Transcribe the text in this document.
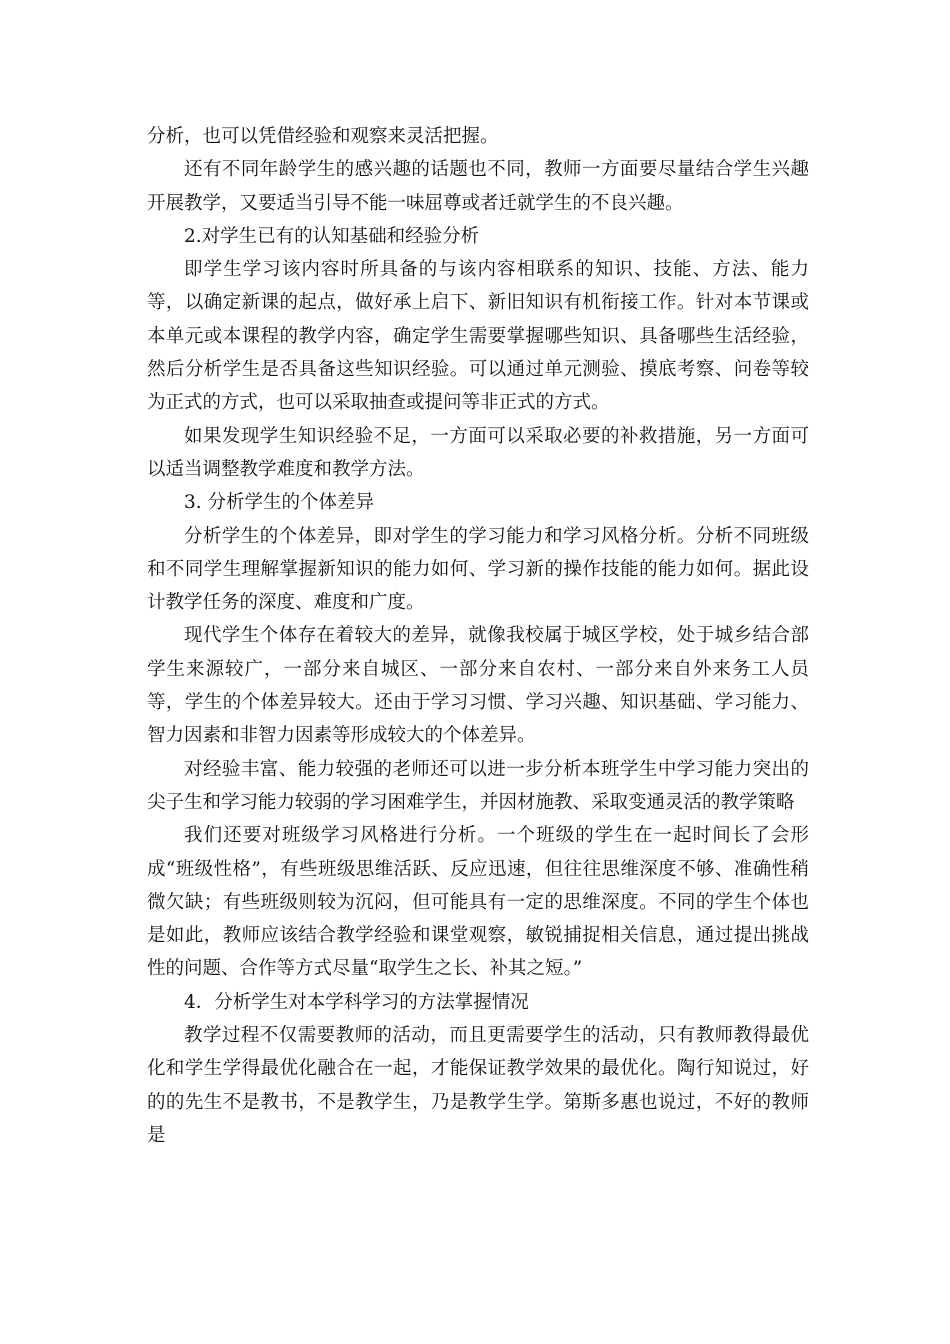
分析，也可以凭借经验和观察来灵活把握。

还有不同年龄学生的感兴趣的话题也不同，教师一方面要尽量结合学生兴趣开展教学，又要适当引导不能一味屈尊或者迁就学生的不良兴趣。

2.对学生已有的认知基础和经验分析

即学生学习该内容时所具备的与该内容相联系的知识、技能、方法、能力等，以确定新课的起点，做好承上启下、新旧知识有机衔接工作。针对本节课或本单元或本课程的教学内容，确定学生需要掌握哪些知识、具备哪些生活经验，然后分析学生是否具备这些知识经验。可以通过单元测验、摸底考察、问卷等较为正式的方式，也可以采取抽查或提问等非正式的方式。

如果发现学生知识经验不足，一方面可以采取必要的补救措施，另一方面可以适当调整教学难度和教学方法。

3. 分析学生的个体差异

分析学生的个体差异，即对学生的学习能力和学习风格分析。分析不同班级和不同学生理解掌握新知识的能力如何、学习新的操作技能的能力如何。据此设计教学任务的深度、难度和广度。

现代学生个体存在着较大的差异，就像我校属于城区学校，处于城乡结合部学生来源较广，一部分来自城区、一部分来自农村、一部分来自外来务工人员等，学生的个体差异较大。还由于学习习惯、学习兴趣、知识基础、学习能力、智力因素和非智力因素等形成较大的个体差异。

对经验丰富、能力较强的老师还可以进一步分析本班学生中学习能力突出的尖子生和学习能力较弱的学习困难学生，并因材施教、采取变通灵活的教学策略

我们还要对班级学习风格进行分析。一个班级的学生在一起时间长了会形成“班级性格”，有些班级思维活跃、反应迅速，但往往思维深度不够、准确性稍微欠缺；有些班级则较为沉闷，但可能具有一定的思维深度。不同的学生个体也是如此，教师应该结合教学经验和课堂观察，敏锐捕捉相关信息，通过提出挑战性的问题、合作等方式尽量“取学生之长、补其之短。”

4．分析学生对本学科学习的方法掌握情况

教学过程不仅需要教师的活动，而且更需要学生的活动，只有教师教得最优化和学生学得最优化融合在一起，才能保证教学效果的最优化。陶行知说过，好的的先生不是教书，不是教学生，乃是教学生学。第斯多惠也说过，不好的教师是
